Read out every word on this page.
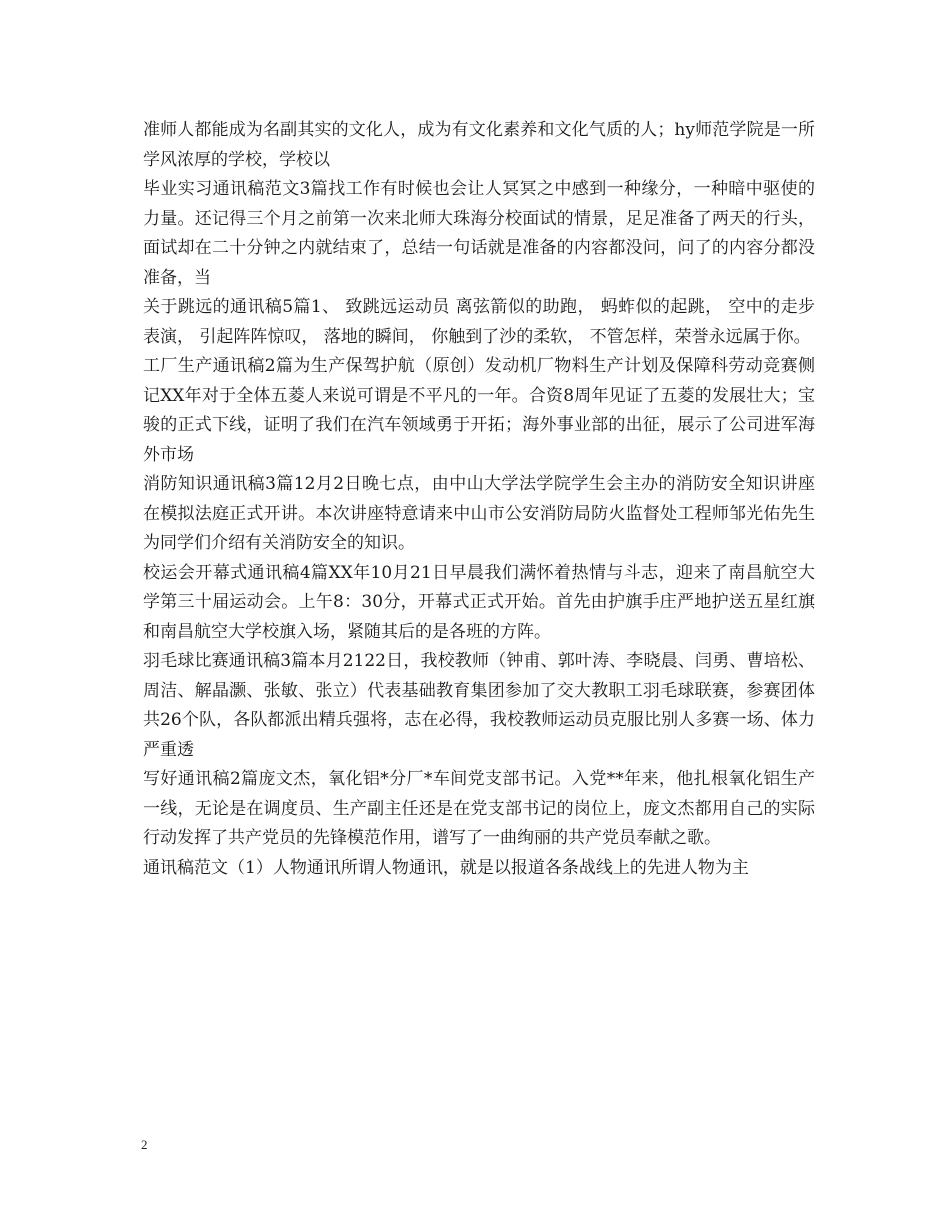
准师人都能成为名副其实的文化人，成为有文化素养和文化气质的人；hy师范学院是一所学风浓厚的学校，学校以

毕业实习通讯稿范文3篇找工作有时候也会让人冥冥之中感到一种缘分，一种暗中驱使的力量。还记得三个月之前第一次来北师大珠海分校面试的情景，足足准备了两天的行头，面试却在二十分钟之内就结束了，总结一句话就是准备的内容都没问，问了的内容分都没准备，当

关于跳远的通讯稿5篇1、 致跳远运动员 离弦箭似的助跑， 蚂蚱似的起跳， 空中的走步表演， 引起阵阵惊叹， 落地的瞬间， 你触到了沙的柔软， 不管怎样，荣誉永远属于你。

工厂生产通讯稿2篇为生产保驾护航（原创）发动机厂物料生产计划及保障科劳动竞赛侧记XX年对于全体五菱人来说可谓是不平凡的一年。合资8周年见证了五菱的发展壮大；宝骏的正式下线，证明了我们在汽车领域勇于开拓；海外事业部的出征，展示了公司进军海外市场

消防知识通讯稿3篇12月2日晚七点，由中山大学法学院学生会主办的消防安全知识讲座在模拟法庭正式开讲。本次讲座特意请来中山市公安消防局防火监督处工程师邹光佑先生为同学们介绍有关消防安全的知识。

校运会开幕式通讯稿4篇XX年10月21日早晨我们满怀着热情与斗志，迎来了南昌航空大学第三十届运动会。上午8：30分，开幕式正式开始。首先由护旗手庄严地护送五星红旗和南昌航空大学校旗入场，紧随其后的是各班的方阵。

羽毛球比赛通讯稿3篇本月2122日，我校教师（钟甫、郭叶涛、李晓晨、闫勇、曹培松、周洁、解晶灏、张敏、张立）代表基础教育集团参加了交大教职工羽毛球联赛，参赛团体共26个队，各队都派出精兵强将，志在必得，我校教师运动员克服比别人多赛一场、体力严重透

写好通讯稿2篇庞文杰，氧化铝*分厂*车间党支部书记。入党**年来，他扎根氧化铝生产一线，无论是在调度员、生产副主任还是在党支部书记的岗位上，庞文杰都用自己的实际行动发挥了共产党员的先锋模范作用，谱写了一曲绚丽的共产党员奉献之歌。

通讯稿范文（1）人物通讯所谓人物通讯，就是以报道各条战线上的先进人物为主

2
